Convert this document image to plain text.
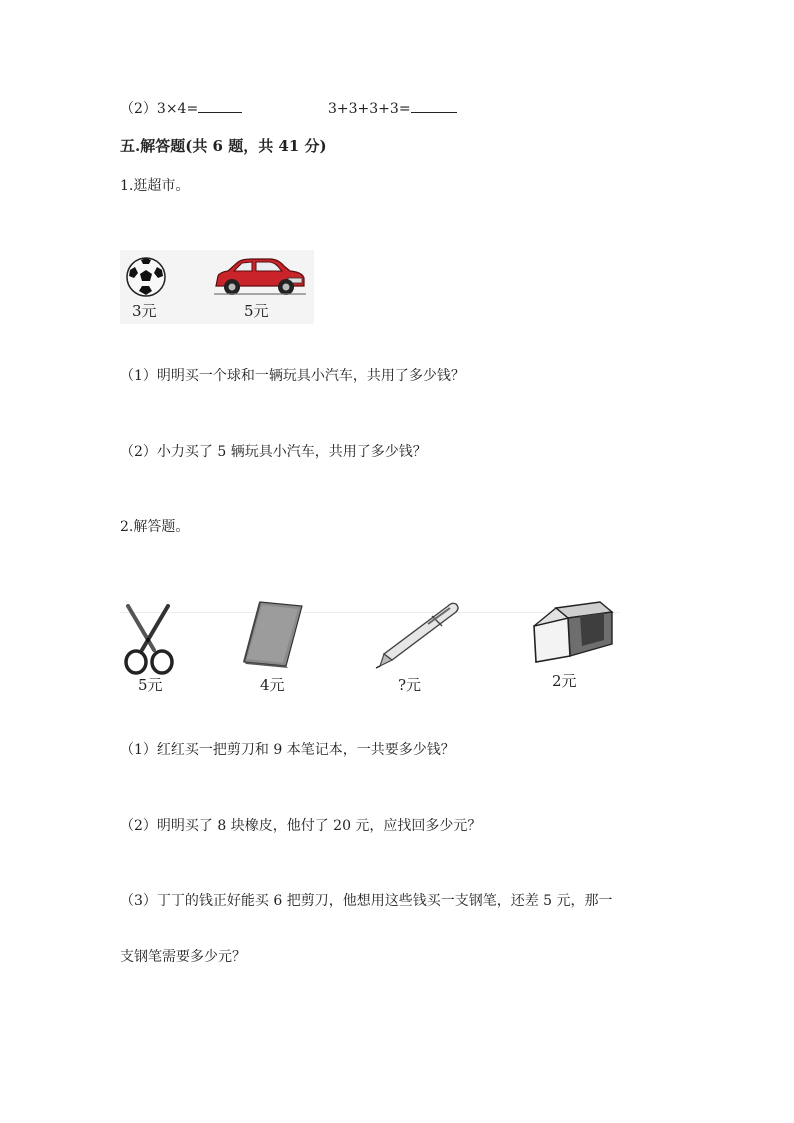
（2）3×4=	3+3+3+3=
五.解答题(共 6 题，共 41 分)
1.逛超市。
3元	5元
（1）明明买一个球和一辆玩具小汽车，共用了多少钱？
（2）小力买了 5 辆玩具小汽车，共用了多少钱？
2.解答题。
5元	4元	?元	2元
（1）红红买一把剪刀和 9 本笔记本，一共要多少钱？
（2）明明买了 8 块橡皮，他付了 20 元，应找回多少元？
（3）丁丁的钱正好能买 6 把剪刀，他想用这些钱买一支钢笔，还差 5 元，那一
支钢笔需要多少元？
